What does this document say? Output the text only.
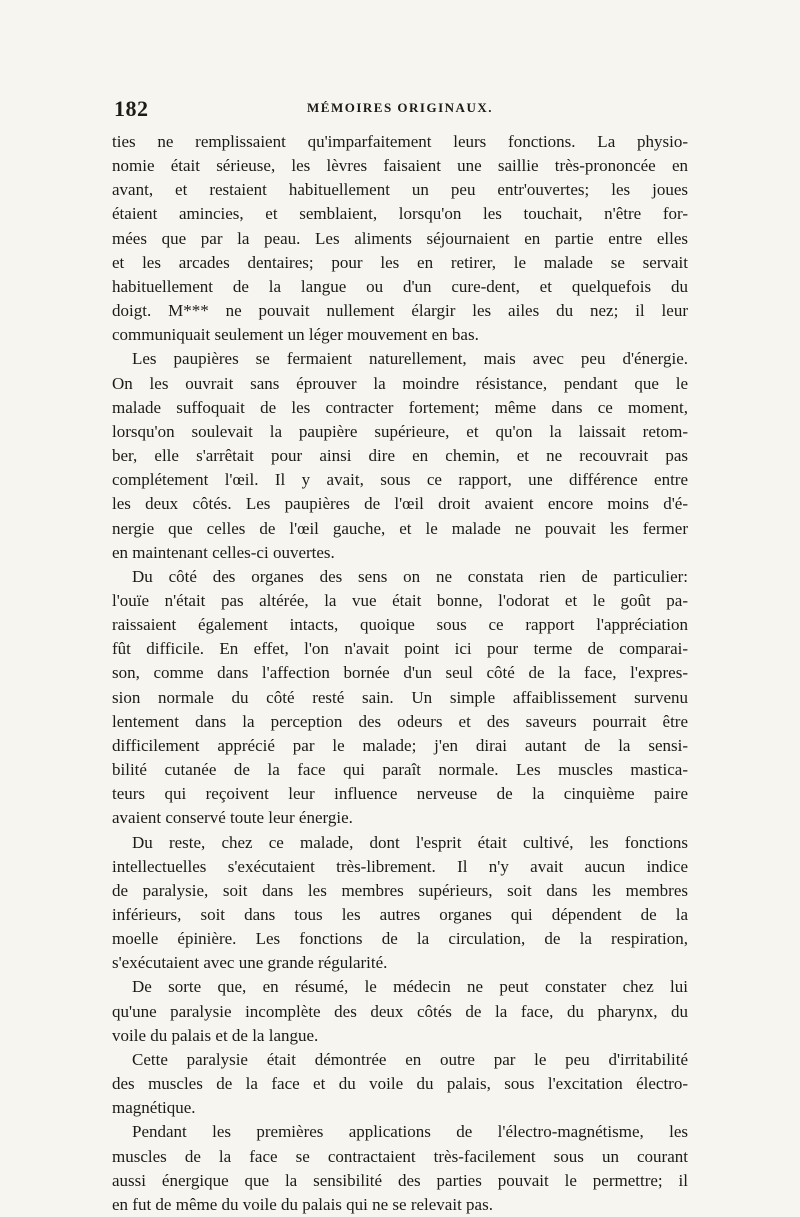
182	MÉMOIRES ORIGINAUX.
ties ne remplissaient qu'imparfaitement leurs fonctions. La physio-
nomie était sérieuse, les lèvres faisaient une saillie très-prononcée en
avant, et restaient habituellement un peu entr'ouvertes; les joues
étaient amincies, et semblaient, lorsqu'on les touchait, n'être for-
mées que par la peau. Les aliments séjournaient en partie entre elles
et les arcades dentaires; pour les en retirer, le malade se servait
habituellement de la langue ou d'un cure-dent, et quelquefois du
doigt. M*** ne pouvait nullement élargir les ailes du nez; il leur
communiquait seulement un léger mouvement en bas.
Les paupières se fermaient naturellement, mais avec peu d'énergie.
On les ouvrait sans éprouver la moindre résistance, pendant que le
malade suffoquait de les contracter fortement; même dans ce moment,
lorsqu'on soulevait la paupière supérieure, et qu'on la laissait retom-
ber, elle s'arrêtait pour ainsi dire en chemin, et ne recouvrait pas
complétement l'œil. Il y avait, sous ce rapport, une différence entre
les deux côtés. Les paupières de l'œil droit avaient encore moins d'é-
nergie que celles de l'œil gauche, et le malade ne pouvait les fermer
en maintenant celles-ci ouvertes.
Du côté des organes des sens on ne constata rien de particulier:
l'ouïe n'était pas altérée, la vue était bonne, l'odorat et le goût pa-
raissaient également intacts, quoique sous ce rapport l'appréciation
fût difficile. En effet, l'on n'avait point ici pour terme de comparai-
son, comme dans l'affection bornée d'un seul côté de la face, l'expres-
sion normale du côté resté sain. Un simple affaiblissement survenu
lentement dans la perception des odeurs et des saveurs pourrait être
difficilement apprécié par le malade; j'en dirai autant de la sensi-
bilité cutanée de la face qui paraît normale. Les muscles mastica-
teurs qui reçoivent leur influence nerveuse de la cinquième paire
avaient conservé toute leur énergie.
Du reste, chez ce malade, dont l'esprit était cultivé, les fonctions
intellectuelles s'exécutaient très-librement. Il n'y avait aucun indice
de paralysie, soit dans les membres supérieurs, soit dans les membres
inférieurs, soit dans tous les autres organes qui dépendent de la
moelle épinière. Les fonctions de la circulation, de la respiration,
s'exécutaient avec une grande régularité.
De sorte que, en résumé, le médecin ne peut constater chez lui
qu'une paralysie incomplète des deux côtés de la face, du pharynx, du
voile du palais et de la langue.
Cette paralysie était démontrée en outre par le peu d'irritabilité
des muscles de la face et du voile du palais, sous l'excitation électro-
magnétique.
Pendant les premières applications de l'électro-magnétisme, les
muscles de la face se contractaient très-facilement sous un courant
aussi énergique que la sensibilité des parties pouvait le permettre; il
en fut de même du voile du palais qui ne se relevait pas.
